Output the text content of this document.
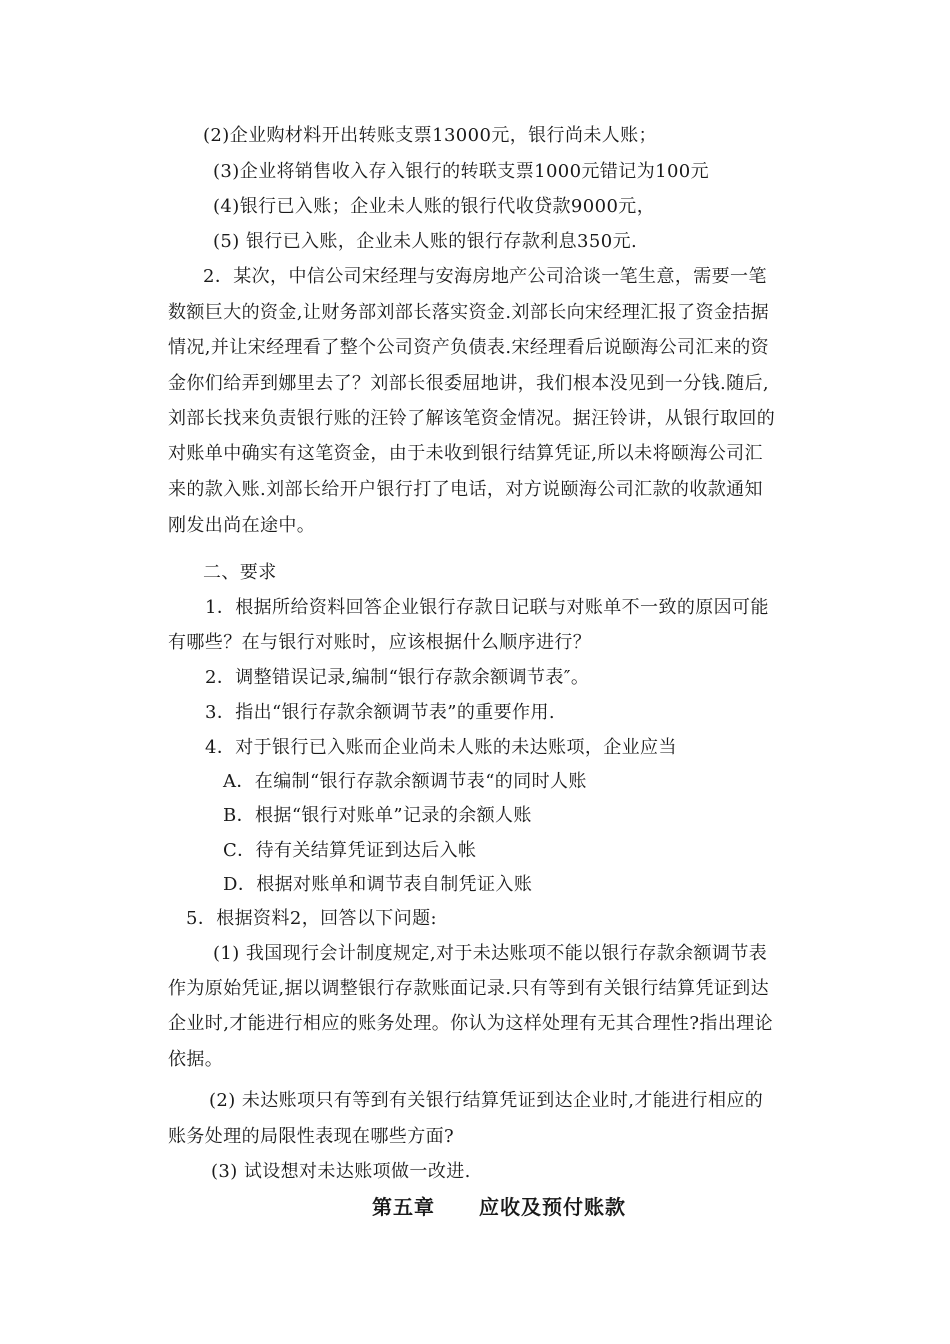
(2)企业购材料开出转账支票13000元，银行尚未人账；
(3)企业将销售收入存入银行的转联支票1000元错记为100元
(4)银行已入账；企业未人账的银行代收贷款9000元，
(5) 银行已入账，企业未人账的银行存款利息350元.
2．某次，中信公司宋经理与安海房地产公司洽谈一笔生意，需要一笔
数额巨大的资金,让财务部刘部长落实资金.刘部长向宋经理汇报了资金拮据
情况,并让宋经理看了整个公司资产负债表.宋经理看后说颐海公司汇来的资
金你们给弄到娜里去了？刘部长很委屈地讲，我们根本没见到一分钱.随后,
刘部长找来负责银行账的汪铃了解该笔资金情况。据汪铃讲，从银行取回的
对账单中确实有这笔资金，由于未收到银行结算凭证,所以未将颐海公司汇
来的款入账.刘部长给开户银行打了电话，对方说颐海公司汇款的收款通知
刚发出尚在途中。
二、要求
1．根据所给资料回答企业银行存款日记联与对账单不一致的原因可能
有哪些？在与银行对账时，应该根据什么顺序进行？
2．调整错误记录,编制“银行存款余额调节表″。
3．指出“银行存款余额调节表”的重要作用.
4．对于银行已入账而企业尚未人账的未达账项，企业应当
A．在编制“银行存款余额调节表“的同时人账
B．根据“银行对账单”记录的余额人账
C．待有关结算凭证到达后入帐
D．根据对账单和调节表自制凭证入账
5．根据资料2，回答以下问题:
(1) 我国现行会计制度规定,对于未达账项不能以银行存款余额调节表
作为原始凭证,据以调整银行存款账面记录.只有等到有关银行结算凭证到达
企业时,才能进行相应的账务处理。你认为这样处理有无其合理性?指出理论
依据。
(2) 未达账项只有等到有关银行结算凭证到达企业时,才能进行相应的
账务处理的局限性表现在哪些方面?
(3) 试设想对未达账项做一改进.
第五章 应收及预付账款
